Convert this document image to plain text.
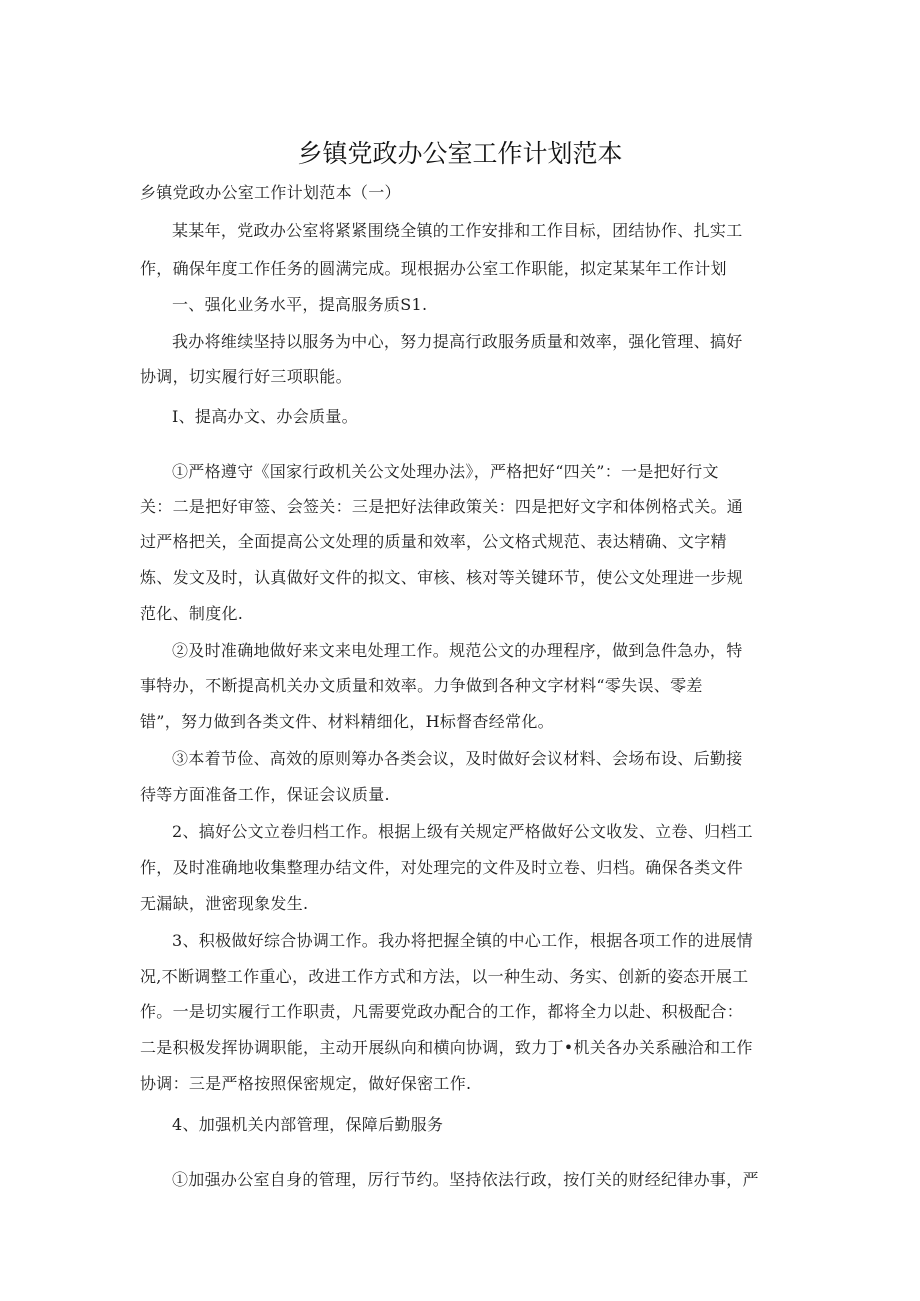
乡镇党政办公室工作计划范本
乡镇党政办公室工作计划范本（一）
某某年，党政办公室将紧紧围绕全镇的工作安排和工作目标，团结协作、扎实工
作，确保年度工作任务的圆满完成。现根据办公室工作职能，拟定某某年工作计划
一、强化业务水平，提高服务质S1.
我办将维续坚持以服务为中心，努力提高行政服务质量和效率，强化管理、搞好
协调，切实履行好三项职能。
I、提高办文、办会质量。
①严格遵守《国家行政机关公文处理办法》，严格把好“四关”：一是把好行文
关：二是把好审签、会签关：三是把好法律政策关：四是把好文字和体例格式关。通
过严格把关，全面提高公文处理的质量和效率，公文格式规范、表达精确、文字精
炼、发文及时，认真做好文件的拟文、审核、核对等关键环节，使公文处理进一步规
范化、制度化.
②及时准确地做好来文来电处理工作。规范公文的办理程序，做到急件急办，特
事特办，不断提高机关办文质量和效率。力争做到各种文字材料“零失误、零差
错”，努力做到各类文件、材料精细化，H标督杳经常化。
③本着节俭、高效的原则筹办各类会议，及时做好会议材料、会场布设、后勤接
待等方面准备工作，保证会议质量.
2、搞好公文立卷归档工作。根据上级有关规定严格做好公文收发、立卷、归档工
作，及时准确地收集整理办结文件，对处理完的文件及时立卷、归档。确保各类文件
无漏缺，泄密现象发生.
3、积极做好综合协调工作。我办将把握全镇的中心工作，根据各项工作的进展情
况,不断调整工作重心，改进工作方式和方法，以一种生动、务实、创新的姿态开展工
作。一是切实履行工作职责，凡需要党政办配合的工作，都将全力以赴、积极配合：
二是积极发挥协调职能，主动开展纵向和横向协调，致力丁•机关各办关系融洽和工作
协调：三是严格按照保密规定，做好保密工作.
4、加强机关内部管理，保障后勤服务
①加强办公室自身的管理，厉行节约。坚持依法行政，按仃关的财经纪律办事，严
